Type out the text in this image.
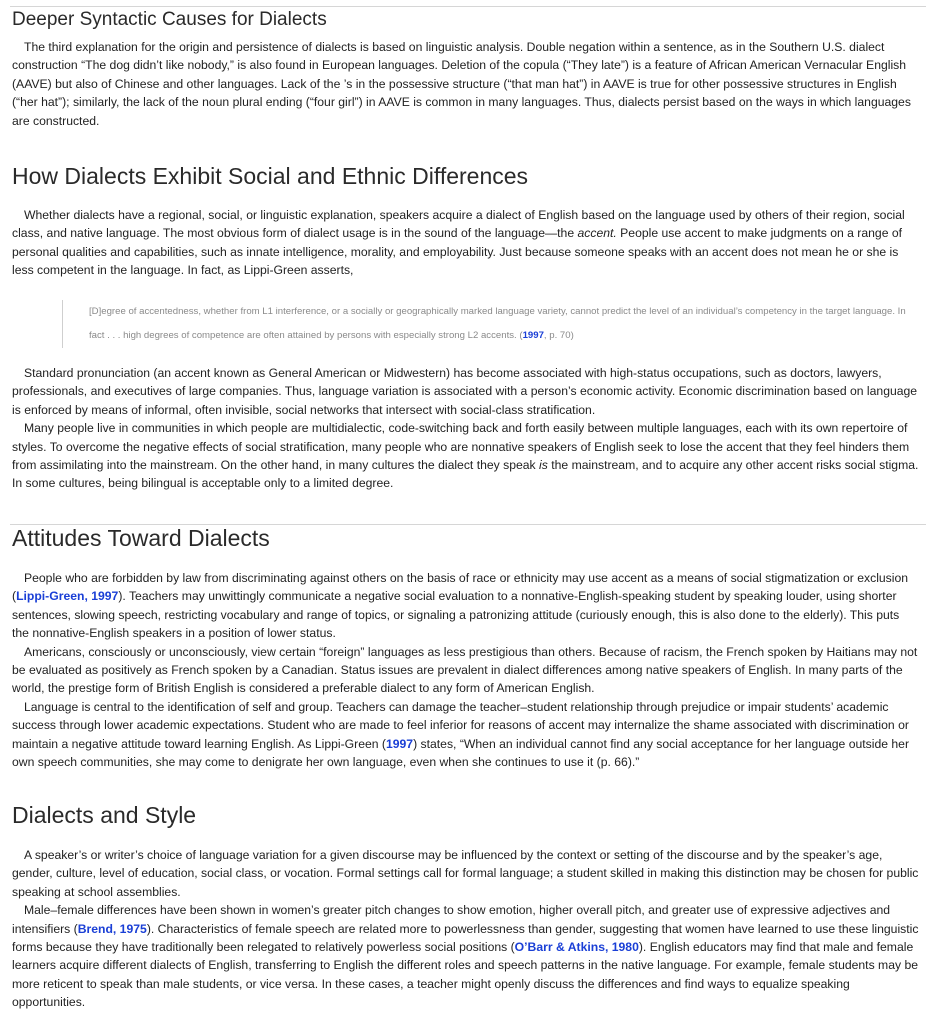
Deeper Syntactic Causes for Dialects

The third explanation for the origin and persistence of dialects is based on linguistic analysis. Double negation within a sentence, as in the Southern U.S. dialect construction “The dog didn’t like nobody,” is also found in European languages. Deletion of the copula (“They late”) is a feature of African American Vernacular English (AAVE) but also of Chinese and other languages. Lack of the ’s in the possessive structure (“that man hat”) in AAVE is true for other possessive structures in English (“her hat”); similarly, the lack of the noun plural ending (“four girl”) in AAVE is common in many languages. Thus, dialects persist based on the ways in which languages are constructed.

How Dialects Exhibit Social and Ethnic Differences

Whether dialects have a regional, social, or linguistic explanation, speakers acquire a dialect of English based on the language used by others of their region, social class, and native language. The most obvious form of dialect usage is in the sound of the language—the accent. People use accent to make judgments on a range of personal qualities and capabilities, such as innate intelligence, morality, and employability. Just because someone speaks with an accent does not mean he or she is less competent in the language. In fact, as Lippi-Green asserts,

[D]egree of accentedness, whether from L1 interference, or a socially or geographically marked language variety, cannot predict the level of an individual’s competency in the target language. In fact . . . high degrees of competence are often attained by persons with especially strong L2 accents. (1997, p. 70)

Standard pronunciation (an accent known as General American or Midwestern) has become associated with high-status occupations, such as doctors, lawyers, professionals, and executives of large companies. Thus, language variation is associated with a person’s economic activity. Economic discrimination based on language is enforced by means of informal, often invisible, social networks that intersect with social-class stratification.

Many people live in communities in which people are multidialectic, code-switching back and forth easily between multiple languages, each with its own repertoire of styles. To overcome the negative effects of social stratification, many people who are nonnative speakers of English seek to lose the accent that they feel hinders them from assimilating into the mainstream. On the other hand, in many cultures the dialect they speak is the mainstream, and to acquire any other accent risks social stigma. In some cultures, being bilingual is acceptable only to a limited degree.

Attitudes Toward Dialects

People who are forbidden by law from discriminating against others on the basis of race or ethnicity may use accent as a means of social stigmatization or exclusion (Lippi-Green, 1997). Teachers may unwittingly communicate a negative social evaluation to a nonnative-English-speaking student by speaking louder, using shorter sentences, slowing speech, restricting vocabulary and range of topics, or signaling a patronizing attitude (curiously enough, this is also done to the elderly). This puts the nonnative-English speakers in a position of lower status.

Americans, consciously or unconsciously, view certain “foreign” languages as less prestigious than others. Because of racism, the French spoken by Haitians may not be evaluated as positively as French spoken by a Canadian. Status issues are prevalent in dialect differences among native speakers of English. In many parts of the world, the prestige form of British English is considered a preferable dialect to any form of American English.

Language is central to the identification of self and group. Teachers can damage the teacher–student relationship through prejudice or impair students’ academic success through lower academic expectations. Student who are made to feel inferior for reasons of accent may internalize the shame associated with discrimination or maintain a negative attitude toward learning English. As Lippi-Green (1997) states, “When an individual cannot find any social acceptance for her language outside her own speech communities, she may come to denigrate her own language, even when she continues to use it (p. 66).”

Dialects and Style

A speaker’s or writer’s choice of language variation for a given discourse may be influenced by the context or setting of the discourse and by the speaker’s age, gender, culture, level of education, social class, or vocation. Formal settings call for formal language; a student skilled in making this distinction may be chosen for public speaking at school assemblies.

Male–female differences have been shown in women’s greater pitch changes to show emotion, higher overall pitch, and greater use of expressive adjectives and intensifiers (Brend, 1975). Characteristics of female speech are related more to powerlessness than gender, suggesting that women have learned to use these linguistic forms because they have traditionally been relegated to relatively powerless social positions (O’Barr & Atkins, 1980). English educators may find that male and female learners acquire different dialects of English, transferring to English the different roles and speech patterns in the native language. For example, female students may be more reticent to speak than male students, or vice versa. In these cases, a teacher might openly discuss the differences and find ways to equalize speaking opportunities.
